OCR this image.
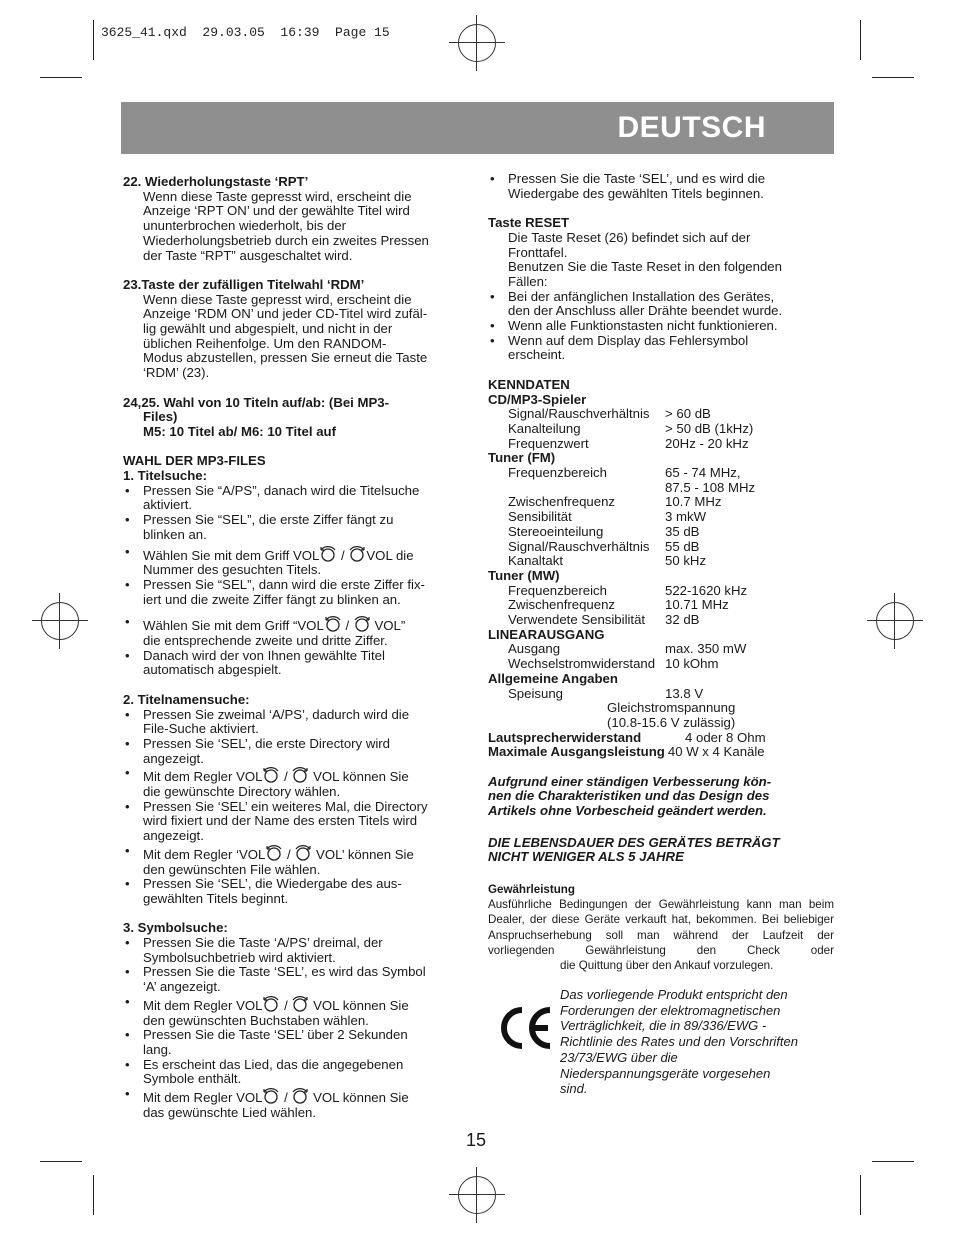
3625_41.qxd  29.03.05  16:39  Page 15
DEUTSCH

22. Wiederholungstaste ‘RPT’

Wenn diese Taste gepresst wird, erscheint die

Anzeige ‘RPT ON’ und der gewählte Titel wird

ununterbrochen wiederholt, bis der

Wiederholungsbetrieb durch ein zweites Pressen

der Taste “RPT” ausgeschaltet wird.

23.Taste der zufälligen Titelwahl ‘RDM’

Wenn diese Taste gepresst wird, erscheint die

Anzeige ‘RDM ON’ und jeder CD-Titel wird zufäl-

lig gewählt und abgespielt, und nicht in der

üblichen Reihenfolge. Um den RANDOM-

Modus abzustellen, pressen Sie erneut die Taste

‘RDM’ (23).

24,25. Wahl von 10 Titeln auf/ab: (Bei MP3-

Files)

M5: 10 Titel ab/ M6: 10 Titel auf

WAHL DER MP3-FILES

1. Titelsuche:

• Pressen Sie “A/PS”, danach wird die Titelsuche

aktiviert.

• Pressen Sie “SEL”, die erste Ziffer fängt zu

blinken an.

• Wählen Sie mit dem Griff VOL / VOL die

Nummer des gesuchten Titels.

• Pressen Sie “SEL”, dann wird die erste Ziffer fix-

iert und die zweite Ziffer fängt zu blinken an.

• Wählen Sie mit dem Griff “VOL /  VOL”

die entsprechende zweite und dritte Ziffer.

• Danach wird der von Ihnen gewählte Titel

automatisch abgespielt.

2. Titelnamensuche:

• Pressen Sie zweimal ‘A/PS’, dadurch wird die

File-Suche aktiviert.

• Pressen Sie ‘SEL’, die erste Directory wird

angezeigt.

• Mit dem Regler VOL /  VOL können Sie

die gewünschte Directory wählen.

• Pressen Sie ‘SEL’ ein weiteres Mal, die Directory

wird fixiert und der Name des ersten Titels wird

angezeigt.

• Mit dem Regler ‘VOL /  VOL’ können Sie

den gewünschten File wählen.

• Pressen Sie ‘SEL’, die Wiedergabe des aus-

gewählten Titels beginnt.

3. Symbolsuche:

• Pressen Sie die Taste ‘A/PS’ dreimal, der

Symbolsuchbetrieb wird aktiviert.

• Pressen Sie die Taste ‘SEL’, es wird das Symbol

‘A’ angezeigt.

• Mit dem Regler VOL /  VOL können Sie

den gewünschten Buchstaben wählen.

• Pressen Sie die Taste ‘SEL’ über 2 Sekunden

lang.

• Es erscheint das Lied, das die angegebenen

Symbole enthält.

• Mit dem Regler VOL /  VOL können Sie

das gewünschte Lied wählen.

• Pressen Sie die Taste ‘SEL’, und es wird die

Wiedergabe des gewählten Titels beginnen.

Taste RESET

Die Taste Reset (26) befindet sich auf der

Fronttafel.

Benutzen Sie die Taste Reset in den folgenden

Fällen:

• Bei der anfänglichen Installation des Gerätes,

den der Anschluss aller Drähte beendet wurde.

• Wenn alle Funktionstasten nicht funktionieren.

• Wenn auf dem Display das Fehlersymbol

erscheint.

KENNDATEN

CD/MP3-Spieler

Signal/Rauschverhältnis	> 60 dB
Kanalteilung	> 50 dB (1kHz)
Frequenzwert	20Hz - 20 kHz

Tuner (FM)

Frequenzbereich	65 - 74 MHz,
87.5 - 108 MHz
Zwischenfrequenz	10.7 MHz
Sensibilität	3 mkW
Stereoeinteilung	35 dB
Signal/Rauschverhältnis	55 dB
Kanaltakt	50 kHz

Tuner (MW)

Frequenzbereich	522-1620 kHz
Zwischenfrequenz	10.71 MHz
Verwendete Sensibilität	32 dB

LINEARAUSGANG

Ausgang	max. 350 mW
Wechselstromwiderstand 10 kOhm

Allgemeine Angaben

Speisung	13.8 V

Gleichstromspannung

(10.8-15.6 V zulässig)

Lautsprecherwiderstand	4 oder 8 Ohm
Maximale Ausgangsleistung 40 W x 4 Kanäle

Aufgrund einer ständigen Verbesserung kön-

nen die Charakteristiken und das Design des

Artikels ohne Vorbescheid geändert werden.

DIE LEBENSDAUER DES GERÄTES BETRÄGT

NICHT WENIGER ALS 5 JAHRE

Gewährleistung

Ausführliche Bedingungen der Gewährleistung kann man beim Dealer, der diese Geräte verkauft hat, bekommen. Bei beliebiger Anspruchserhebung soll man während der Laufzeit der vorliegenden Gewährleistung den Check oder

die Quittung über den Ankauf vorzulegen.

Das vorliegende Produkt entspricht den

Forderungen der elektromagnetischen

Verträglichkeit, die in 89/336/EWG -

Richtlinie des Rates und den Vorschriften

23/73/EWG über die

Niederspannungsgeräte vorgesehen

sind.

15
